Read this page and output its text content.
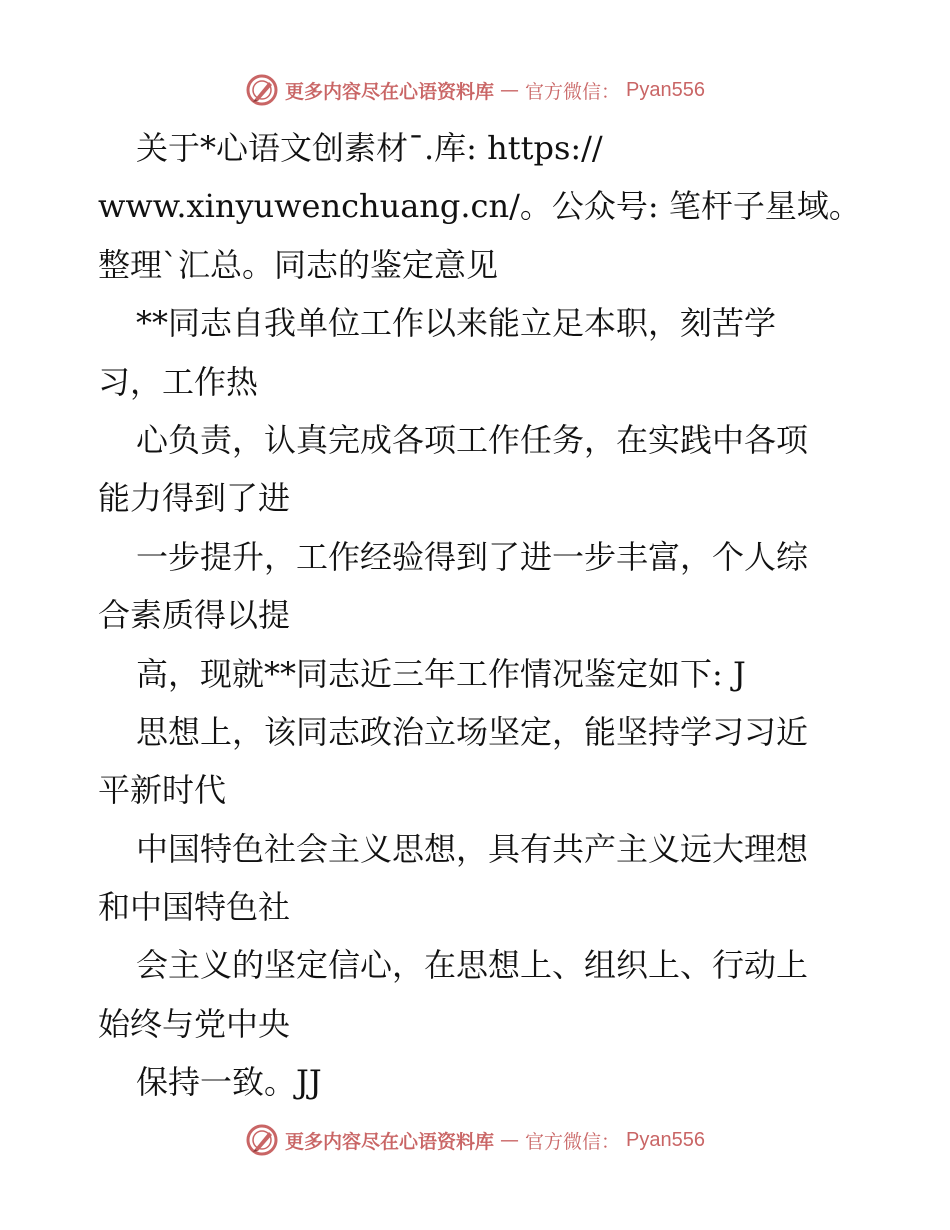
更多内容尽在心语资料库 — 官方微信： Pyan556
关于*心语文创素材¯.库: https://
www.xinyuwenchuang.cn/。公众号: 笔杆子星域。
整理`汇总。同志的鉴定意见
**同志自我单位工作以来能立足本职，刻苦学
习，工作热
心负责，认真完成各项工作任务，在实践中各项
能力得到了进
一步提升，工作经验得到了进一步丰富，个人综
合素质得以提
高，现就**同志近三年工作情况鉴定如下: J
思想上，该同志政治立场坚定，能坚持学习习近
平新时代
中国特色社会主义思想，具有共产主义远大理想
和中国特色社
会主义的坚定信心，在思想上、组织上、行动上
始终与党中央
保持一致。JJ
更多内容尽在心语资料库 — 官方微信： Pyan556
